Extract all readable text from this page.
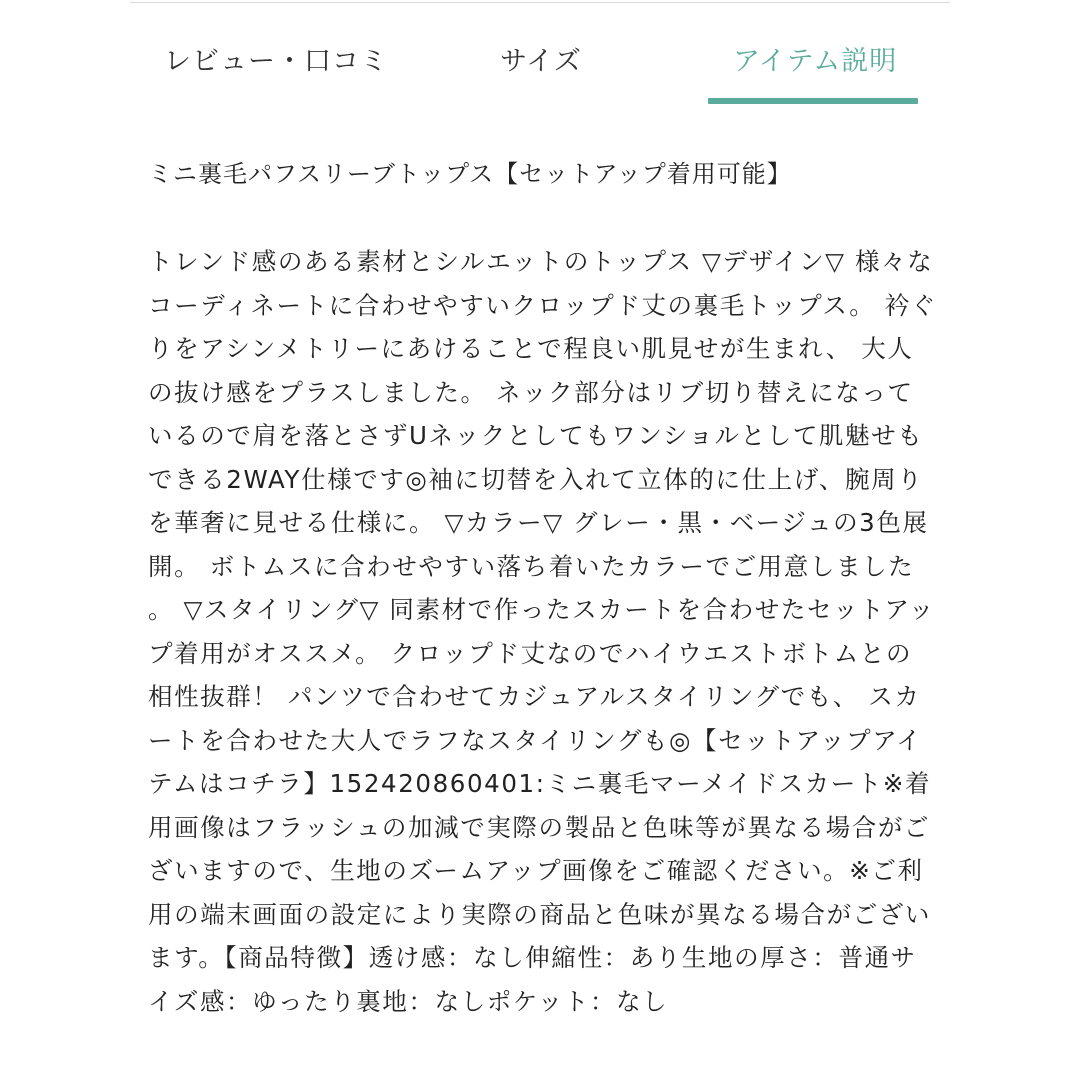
レビュー・口コミ	サイズ	アイテム説明
ミニ裏毛パフスリーブトップス【セットアップ着用可能】

トレンド感のある素材とシルエットのトップス ▽デザイン▽ 様々なコーディネートに合わせやすいクロップド丈の裏毛トップス。 衿ぐりをアシンメトリーにあけることで程良い肌見せが生まれ、 大人の抜け感をプラスしました。 ネック部分はリブ切り替えになっているので肩を落とさずUネックとしてもワンショルとして肌魅せもできる2WAY仕様です◎袖に切替を入れて立体的に仕上げ、腕周りを華奢に見せる仕様に。 ▽カラー▽ グレー・黒・ベージュの3色展開。 ボトムスに合わせやすい落ち着いたカラーでご用意しました。 ▽スタイリング▽ 同素材で作ったスカートを合わせたセットアップ着用がオススメ。 クロップド丈なのでハイウエストボトムとの相性抜群！ パンツで合わせてカジュアルスタイリングでも、 スカートを合わせた大人でラフなスタイリングも◎【セットアップアイテムはコチラ】152420860401:ミニ裏毛マーメイドスカート※着用画像はフラッシュの加減で実際の製品と色味等が異なる場合がございますので、生地のズームアップ画像をご確認ください。※ご利用の端末画面の設定により実際の商品と色味が異なる場合がございます。【商品特徴】透け感：なし伸縮性：あり生地の厚さ：普通サイズ感：ゆったり裏地：なしポケット：なし
